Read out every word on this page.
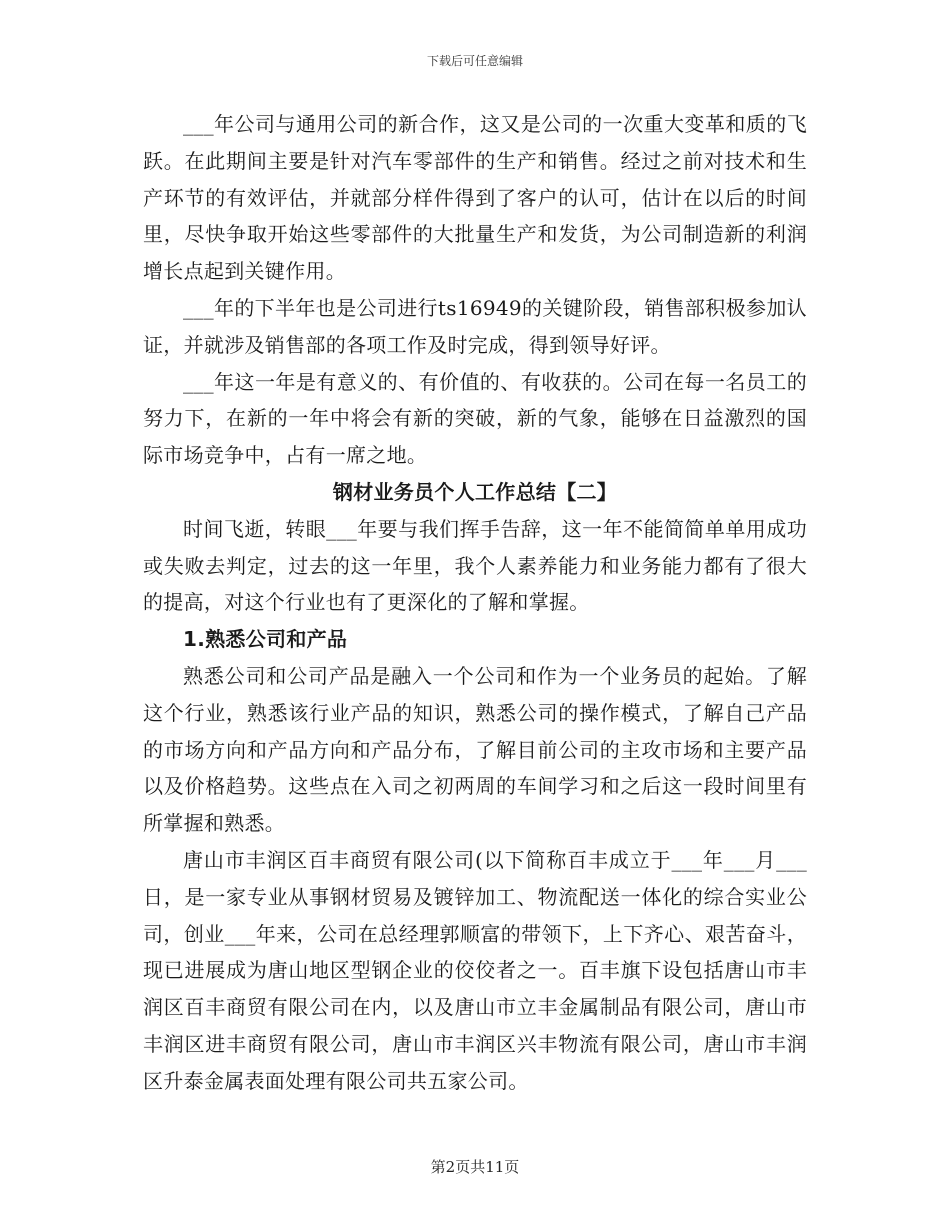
下载后可任意编辑

___年公司与通用公司的新合作，这又是公司的一次重大变革和质的飞跃。在此期间主要是针对汽车零部件的生产和销售。经过之前对技术和生产环节的有效评估，并就部分样件得到了客户的认可，估计在以后的时间里，尽快争取开始这些零部件的大批量生产和发货，为公司制造新的利润增长点起到关键作用。

___年的下半年也是公司进行ts16949的关键阶段，销售部积极参加认证，并就涉及销售部的各项工作及时完成，得到领导好评。

___年这一年是有意义的、有价值的、有收获的。公司在每一名员工的努力下，在新的一年中将会有新的突破，新的气象，能够在日益激烈的国际市场竞争中，占有一席之地。

钢材业务员个人工作总结【二】

时间飞逝，转眼___年要与我们挥手告辞，这一年不能简简单单用成功或失败去判定，过去的这一年里，我个人素养能力和业务能力都有了很大的提高，对这个行业也有了更深化的了解和掌握。

1.熟悉公司和产品

熟悉公司和公司产品是融入一个公司和作为一个业务员的起始。了解这个行业，熟悉该行业产品的知识，熟悉公司的操作模式，了解自己产品的市场方向和产品方向和产品分布，了解目前公司的主攻市场和主要产品以及价格趋势。这些点在入司之初两周的车间学习和之后这一段时间里有所掌握和熟悉。

唐山市丰润区百丰商贸有限公司(以下简称百丰成立于___年___月___日，是一家专业从事钢材贸易及镀锌加工、物流配送一体化的综合实业公司，创业___年来，公司在总经理郭顺富的带领下，上下齐心、艰苦奋斗，现已进展成为唐山地区型钢企业的佼佼者之一。百丰旗下设包括唐山市丰润区百丰商贸有限公司在内，以及唐山市立丰金属制品有限公司，唐山市丰润区进丰商贸有限公司，唐山市丰润区兴丰物流有限公司，唐山市丰润区升泰金属表面处理有限公司共五家公司。

第2页共11页
